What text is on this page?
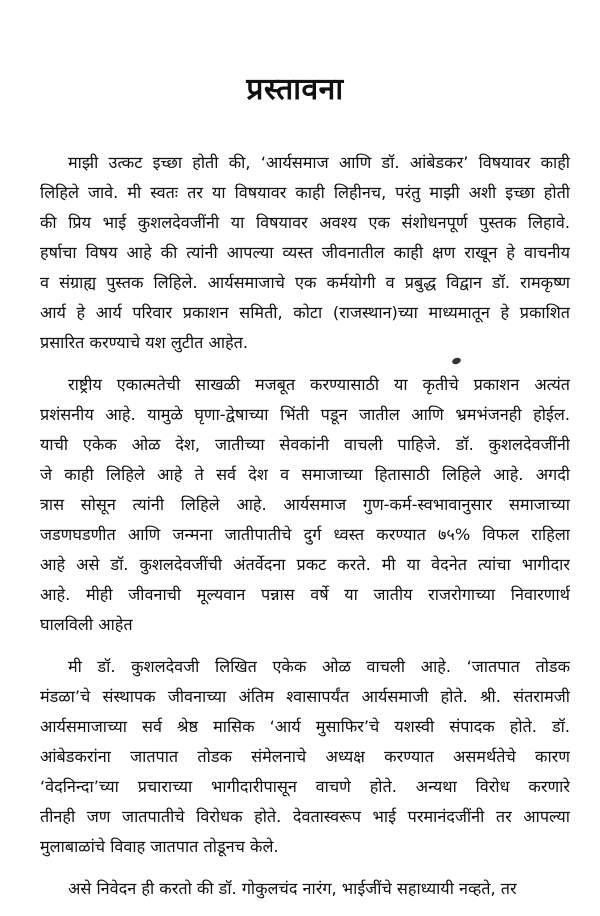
प्रस्तावना
माझी उत्कट इच्छा होती की, ‘आर्यसमाज आणि डॉ. आंबेडकर’ विषयावर काही
लिहिले जावे. मी स्वतः तर या विषयावर काही लिहीनच, परंतु माझी अशी इच्छा होती
की प्रिय भाई कुशलदेवजींनी या विषयावर अवश्य एक संशोधनपूर्ण पुस्तक लिहावे.
हर्षाचा विषय आहे की त्यांनी आपल्या व्यस्त जीवनातील काही क्षण राखून हे वाचनीय
व संग्राह्य पुस्तक लिहिले. आर्यसमाजाचे एक कर्मयोगी व प्रबुद्ध विद्वान डॉ. रामकृष्ण
आर्य हे आर्य परिवार प्रकाशन समिती, कोटा (राजस्थान)च्या माध्यमातून हे प्रकाशित
प्रसारित करण्याचे यश लुटीत आहेत.
राष्ट्रीय एकात्मतेची साखळी मजबूत करण्यासाठी या कृतीचे प्रकाशन अत्यंत
प्रशंसनीय आहे. यामुळे घृणा-द्वेषाच्या भिंती पडून जातील आणि भ्रमभंजनही होईल.
याची एकेक ओळ देश, जातीच्या सेवकांनी वाचली पाहिजे. डॉ. कुशलदेवजींनी
जे काही लिहिले आहे ते सर्व देश व समाजाच्या हितासाठी लिहिले आहे. अगदी
त्रास सोसून त्यांनी लिहिले आहे. आर्यसमाज गुण-कर्म-स्वभावानुसार समाजाच्या
जडणघडणीत आणि जन्मना जातीपातीचे दुर्ग ध्वस्त करण्यात ७५% विफल राहिला
आहे असे डॉ. कुशलदेवजींची अंतर्वेदना प्रकट करते. मी या वेदनेत त्यांचा भागीदार
आहे. मीही जीवनाची मूल्यवान पन्नास वर्षे या जातीय राजरोगाच्या निवारणार्थ
घालविली आहेत
मी डॉ. कुशलदेवजी लिखित एकेक ओळ वाचली आहे. ‘जातपात तोडक
मंडळा’चे संस्थापक जीवनाच्या अंतिम श्वासापर्यंत आर्यसमाजी होते. श्री. संतरामजी
आर्यसमाजाच्या सर्व श्रेष्ठ मासिक ‘आर्य मुसाफिर’चे यशस्वी संपादक होते. डॉ.
आंबेडकरांना जातपात तोडक संमेलनाचे अध्यक्ष करण्यात असमर्थतेचे कारण
‘वेदनिन्दा’च्या प्रचाराच्या भागीदारीपासून वाचणे होते. अन्यथा विरोध करणारे
तीनही जण जातपातीचे विरोधक होते. देवतास्वरूप भाई परमानंदजींनी तर आपल्या
मुलाबाळांचे विवाह जातपात तोडूनच केले.
असे निवेदन ही करतो की डॉ. गोकुलचंद नारंग, भाईजींचे सहाध्यायी नव्हते, तर
